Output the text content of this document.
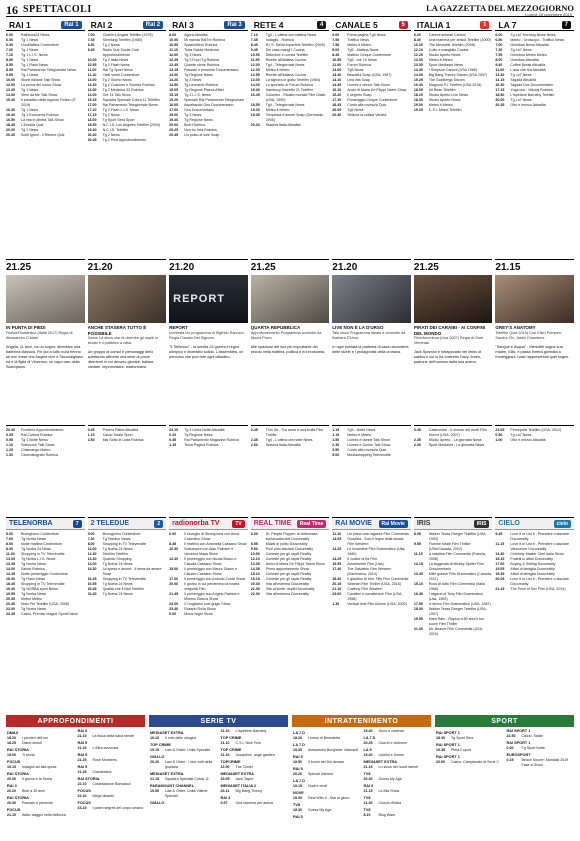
16 SPETTACOLI	LA GAZZETTA DEL MEZZOGIORNO
Lunedì 25 novembre 2019
RAI 1	Rai 1
6.00	RaiNews24 News
6.30	Tg 1 News
6.45	UnoMattina Contenitore
7.00	Tg 1 News
7.10	Tg 1 L.I.S. News
8.00	Tg 1 News
8.55	Tg 1 Flash News
8.55	Rai Parlamento Telegiornale News
9.55	Tg 1 News
10.00	Storie italiane Talk Show
12.00	La prova del cuoco Show
13.30	Tg 1 News
14.00	Vieni da Me Talk Show
15.40	Il paradiso delle signore Fiction (IT, 2019)
16.30	Tg 1 News
16.40	Tg 1 Economia Rubrica
16.50	La vita in diretta Talk Show
18.45	L'Eredità Quiz
20.00	Tg 1 News
20.30	Soliti Ignoti - Il Ritorno Quiz
RAI 2	Rai 2
7.00	Charlie's Angels Telefilm (1976)
7.45	Shrinking Telefilm (1980)
8.30	Tg 2 News
8.45	Radio Due Social Club Approfondimento
10.00	Tg 2 Italia News
10.55	Tg 2 Flash News
11.00	Rai Tg Sport News
11.10	I fatti vostri Contenitore
13.00	Tg 2 Giorno News
13.30	Tg 2 Costume e Società Rubrica
13.50	Tg 2 Medicina 33 Rubrica
14.00	Ore 14 Talk Show
15.25	Squadra Speciale Cobra 11 Telefilm
17.00	Rai Parlamento Telegiornale News
17.10	Tg 2 Flash L.I.S. News
17.15	Tg 2 News
18.00	Tg Sport Sera Sport
18.50	N.C.I.S. Los Angeles Telefilm (2009)
19.40	N.C.I.S. Telefilm
20.30	Tg 2 News
20.45	Tg 2 Post Approfondimento
RAI 3	Rai 3
8.00	Agorà Attualità
10.00	Mi manda RaiTre Rubrica
10.55	Spaziolibero Rubrica
11.10	Tutta Salute Medicina
12.00	Tg 3 News
12.25	Tg 3 Fuori Tg Rubrica
12.45	Quante storie Rubrica
13.15	Passato e presente Documentario
14.00	Tg Regione News
14.20	Tg 3 News
14.50	Tg Leonardo Rubrica
15.05	Tg Regione Piazza Affari
15.15	Tg 3 L.I.S. News
15.20	Speciale Rai Parlamento Telegiornale
16.05	Aspettando Geo Documentario
17.00	Geo Documentario
19.00	Tg 3 News
19.30	Tg Regione News
20.00	Blob Rubrica
20.25	Non ho l'età Rubrica
20.45	Un posto al sole Soap
RETE 4	4
7.10	Tg4 - L'ultima ora mattina News
7.35	Indagini - Rubrica
8.45	R.I.S. Delitti imperfetti Telefilm (2005)
9.45	Sei casa mangi? Cucina
10.50	Detective in corsia Telefilm
11.55	Ricette all'italiana Cucina
12.00	Tg4 - Telegiornale News
12.30	Meteo.it Meteo
12.55	Ricette all'italiana Cucina
13.00	La signora in giallo Telefilm (1984)
14.00	Lo sportello di Forum Rubrica
15.30	Hamburg Distretto 21 Telefilm
16.45	Colombo - Ricatto mortale Film Giallo (USA, 1990)
18.55	Tg4 - Telegiornale News
19.30	Meteo.it Meteo
19.35	Tempesta d'amore Soap (Germania, 2005)
20.30	Stasera Italia Attualità
CANALE 5	5
6.00	Prima pagina Tg5 News
7.55	Traffico News
7.58	Meteo.it Meteo
8.00	Tg5 - Mattina News
8.45	Mattino Cinque Contenitore
10.55	Tg5 - ore 10 News
11.00	Forum Rubrica
13.00	Tg5 News
13.40	Beautiful Soap (USA, 1987)
14.10	Una vita Soap
14.45	Uomini e donne Talk Show
16.10	Amici di Maria De Filippi Talent Show
16.20	Il segreto Soap
17.10	Pomeriggio Cinque Contenitore
18.45	Conto alla rovescia Quiz
20.00	Tg5 News
20.40	Striscia la notizia Varietà
ITALIA 1	1
6.20	Cartoni animati Cartoni
8.30	Una mamma per amica Telefilm (2000)
10.20	The Mentalist Telefilm (2008)
12.10	Cotto e mangiato Cucina
12.25	Studio Aperto News
13.00	Meteo.it Meteo
13.05	Sport Mediaset News
13.40	I Simpson Cartoni (USA 1989)
14.05	Big Bang Theory Sitcom (USA 2007)
15.25	The Goldbergs Sitcom
16.40	Magnum P.I. Telefilm (USA 2018)
18.05	Mr Bean Telefilm
18.20	Studio Aperto Live News
18.30	Studio Aperto News
19.00	Meteo.it Meteo
19.25	C.S.I. Miami Telefilm
LA 7	7
6.00	Tg La7 Morning News News
6.50	Meteo - Oroscopo - Traffico News
7.00	Omnibus News Attualità
7.30	Tg La7 News
7.55	Omnibus Meteo Meteo
8.00	Omnibus Attualità
9.40	Coffee Break Attualità
11.00	L'aria che tira Attualità
13.30	Tg La7 News
14.15	Tagadà Attualità
16.30	Tagadà Doc Documentario
17.15	Yoga doc - Nikolaj Rubrica
18.50	L'ispettore Barnaby Telefilm
20.00	Tg La7 News
20.35	Otto e mezzo Attualità
21.25
IN PUNTA DI PIEDI
Fiction/Romantico (Italia 2017) Regia di Alessandro D'Alatri
Angela, 11 anni, ha un sogno: diventare una ballerina classica. Fin qui a tutto nulla rienno se non fosse che Angela vive a Secondigliano ed è la figlia di Vincenzo, un capo clan della Scampiano.
21.20
ANCHE STASERA TUTTO È POSSIBILE
Game La show che fa divertire gli ospiti in studio e il pubblico a casa.
Un gruppo di comici e personaggi dello spettacolo affronta una serie di prove divertenti in cui devono giocare, ballare, cantare, improvvisare, trasformarsi.
21.20
REPORT
REPORT
Inchiesta Un programma di Sigfrido Ranucci. Regia Claudio Del Signore.
"Il Teflonico" - la sorella 24 guerra il regno olimpico è diventato solido. L'assemblea, un percorso che può fare ogni cittadino.
21.25
QUARTA REPUBBLICA
Approfondimento Programma condotto da Nicola Porro.
Alle spaziose del suo più importante del circolo nella mattina, politica e ed economia.
21.20
LIVE NON È LA D'URSO
Talk show Programma ideato e condotto da Barbara D'Urso.
In ogni puntata la padrona di casa racconterà delle storie e i protagonisti della cronaca.
21.25
PIRATI DEI CARAIBI - AI CONFINI DEL MONDO
Film/Avventura (Usa 2007) Regia di Gore Verbinski
Jack Sparrow è intrappolato nel limbo di sabbia e cui lo ha costretto Davy Jones, padrone dell'oceano dalla sua anima.
21.15
GREY'S ANATOMY
Telefilm (Usa 2019) Con Ellen Pompeo, Sandra Oh, Justin Chambers
"Sangue e Acqua" - Meredith sogna sua madre, Ellis, e passa l'intera giornata a fronteggiare i casi rappresentati quel sogno.
23.30	Frontiere Approfondimento
0.35	Rai Cultura Rubrica
0.55	Tg 1 Notte News
1.10	Sottovoce Talk Show
1.25	Chiamango Meteo
1.30	Cinematografo Rubrica
0.35	Povera Patria Attualità
1.15	Calcio Totale Sport
2.50	Mai Sotto le Lista Rubrica
23.10	Tg 3 Linea Notte Attualità
0.20	Tg Regione News
0.35	Rai Parlamento Magazine Rubrica
1.15	Terza Pagina Rubrica
0.45	Thin Ice - Tra amici e una truffa Film Thriller
2.35	Tg4 - L'ultima ora notte News
2.50	Stasera Italia Attualità
1.15	Tg5 - Notte News
1.15	Meteo.it Meteo
1.50	Uomini e donne Talk Show
2.30	Uomini e Donne Talk Show
3.50	Conto alla rovescia Quiz
5.00	Mediashopping Televendite
0.45	Catacombe - Il mondo dei morti Film Horror (USA, 2007)
2.35	Studio Aperto - La giornata News
2.40	Sport Mediaset - La giornata News
23.05	Persepolis Telefilm (USA, 2012)
0.50	Tg La7 News
1.00	Otto e mezzo Attualità
TELENORBA	7
5.00	Buongiorno Contenitore
7.00	Tg Norba News
8.00	Notte mattina Contenitore
8.30	Tg Norba 24 News
11.00	Shopping in TV Televendite
13.00	Tg Norba L.I.S. News
13.35	Tg Norba News
14.00	Salute Rubrica
14.45	Notte pomeriggio Contenitore
18.30	Tg Flash News
18.45	Shopping in TV Televendite
19.30	Tg NORBA sport News
19.55	Tg Norba News
20.30	Meteo Meteo
20.35	Noto Per Telefilm (USA, 2008)
22.00	Tg Norba News
23.45	Calcio, Premier league Sport/Calcio
2 TELEDUE	2
5.00	Buongiorno Contenitore
7.30	Tg Teledue News
8.00	Shopping in TV Televendite
12.00	Tg Norba 24 News
12.30	Telefilm Telefilm
13.30	Quando Shopping
14.00	Tg Norba 24 News
14.30	La spesa e amore - Il tema da amare Soap
16.25	Shopping in TV Televendite
16.55	Tg Norba 24 News
20.45	Qualità che il Bari Telefilm
22.30	Tg Norba 24 News
radionorba TV	TV
6.00	Il risveglio di Strong tons con Anna Cosentino Show
8.45	Il mattino con Antonella Cassano Show
10.30	Sottosopra con Alan Palmieri e Veronica Maya Show
12.30	Il pomeriggio con Nicola Bosco e Claudia Cassano Show
15.00	Il pomeriggio con Mauro Gianni e Claudio Cassano Show
17.00	Il pomeriggio con Antonio Conte Show
20.00	Il giorno in cui perdemmo la nostra verginità Film
21.45	Il pomeriggio con Angelo Patrizia e Mimmo Deluca Show
23.00	Ci vogliamo così grigio Show
23.40	Rosario Rolla Show
0.00	Music Night Show
REAL TIME	Real Time
6.00	Dr. Pimple Popper: la dottoressa schiacciabrufoli Docureality
8.55	Malati di pulito Docureality
9.50	Puoi pian lasciare Docureality
10.50	Cortesie per gli ospiti Reality
12.10	Cortesie per gli ospiti Reality
13.35	Amici di Maria De Filippi Talent Show
14.35	Primo appuntamento Show
15.10	Cortesie per gli ospiti Reality
15.15	Cortesie per gli ospiti Reality
20.30	Vita all'estrema Docureality
21.30	Vite al limite: ospiti Docureality
22.30	Vita all'estrema Docureality
RAI MOVIE	Rai Movie
11.10	Un piano una ragazza Film Commedia
13.05	Giustizia - Solo il legno della strada Film Western
14.25	Le locandine Film Drammatico (Usa, 1980)
14.25	Il codice di Ifa Film
15.55	Avventurieri Film (Usa)
17.40	The Salvation Film Western (Danimarca, 2014)
18.40	Il giardino di Mrs. Tiffy Film Commedia
20.15	Siberian Film Thriller (USA, 2016)
21.10	Cowboy Film Western
23.00	Cavalieri e cavallerizze Film (USA, 1958)
1.30	Vertical limit Film Azione (USA, 2000)
IRIS	IRIS
8.05	Walker Texas Ranger Telefilm (USA 1993)
9.55	Fumme totale Film Thriller (USA/Canada, 2002)
11.15	A natalina Film Commedia (Francia, 2006)
13.15	La leggenda di Mickey Spider Film Documentario
13.35	Mille grasse Film Drammatico (Canada, 2011)
15.10	Rock di tutto Film Commedia (Italia 1966)
16.45	I ragazzi di Tony Film Drammatico (Usa, 1963)
17.50	Il ritorno Film Drammatico (USA, 1987)
18.00	Walker Texas Ranger Telefilm (USA, 1997)
19.55	Hard Rain - Rapina a 80 anni il tuo cuore Film Thriller
21.00	Mr. Beaver Film Commedia (USA, 2010)
CIELO	cielo
9.45	Love it or List it - Prendere o lasciare Docureality
11.15	Love it or List it - Prendere o lasciare Vancouver Docureality
14.30	Celebrity Master Chef Italia Show
15.15	Fratelli in affari Docureality
17.00	Buying & Selling Docureality
19.05	Affari di famiglia Docureality
19.35	Affari di famiglia Docureality
20.05	Love it or List it - Prendere o lasciare Docureality
21.15	The Price of Sex Film (USA, 2014)
APPROFONDIMENTI
DMAX
18.20	I pionieri dell'oro
18.25	Diario dovuti
RAI STORIA
19.00	Ti storia
FOCUS
19.15	Indagini ad alta quota
RAI STORIA
20.00	Il giorno e la Storia
RAI 3
20.20	Blob a 30 anni
RAI STORIA
20.30	Passato e presente
FOCUS
21.10	Italia: viaggio nella bellezza
RAI 5
21.15	La fisica della sana mente
RAI 5
21.15	L'Altra avvocata
RAI 5
21.25	Rose Monstres
RAI 5
21.25	Clandestino
RAI STORIA
22.10	Costellazione Bortolacci
FOCUS
22.10	Mega disastri
FOCUS
23.15	I poteri segreti del corpo umano
SERIE TV
MEDIASET EXTRA
19.15	Il volo delle cicogne
TOP CRIME
19.15	Law & Order: Unità Speciale
GIALLO
20.20	Law & Order - I due volti della giustizia
MEDIASET EXTRA
21.15	Squadra Speciale Cobra 11
PARAMOUNT CHANNEL
19.55	Law & Order: Unità Vittime Speciali
GIALLO
21.10	L'ispettore Barnaby
TOP CRIME
21.10	C.S.I. New York
TOP CRIME
21.10	Josephine, ange gardien
TOPCRIME
22.50	The Closer
MEDIASET EXTRA
23.05	Jack Taylor
MEDIASET ITALIA 2
23.11	Big Bang Theory
RAI 4
0.57	Una mamma per amica
INTRATTENIMENTO
LA 7 D
18.20	I menù di Benedetta
LA 7 D
19.30	Alessandro Borghese: ristoranti
RAI 5
19.50	Il boom del Dio denaro
RAI 5
20.20	Special Interest
LA 7 D
19.15	Nudi e crudi
NOVE
19.30	Deal With It - Stai al gioco
TV8
19.30	Guess My Age
RAI 5
19.40	Guns e violenze
LA 7 D
20.25	Cuochi e violenze
LA 5
19.40	Uomini e Donne
MEDIASET EXTRA
21.15	Lo show dei nuovi talenti
TV8
20.30	Guess My Age
RAI 5
21.15	La Mia Show
TV8
21.30	Cuochi d'Italia
TV8
8.10	Blog Wars
SPORT
RAI SPORT 1
18.30	Tg Sport Sera
RAI SPORT 1
19.35	Pietà Il sport
RAI SPORT 1
20.00	Calcio: Campionato di Serie C
RAI SPORT 1
22.50	Calcio: Totale
RAI SPORT 1
0.00	Tg Sport Notte
EUROSPORT
0.15	Beach Soccer: Mondiali 2019 Fase a Gironi
